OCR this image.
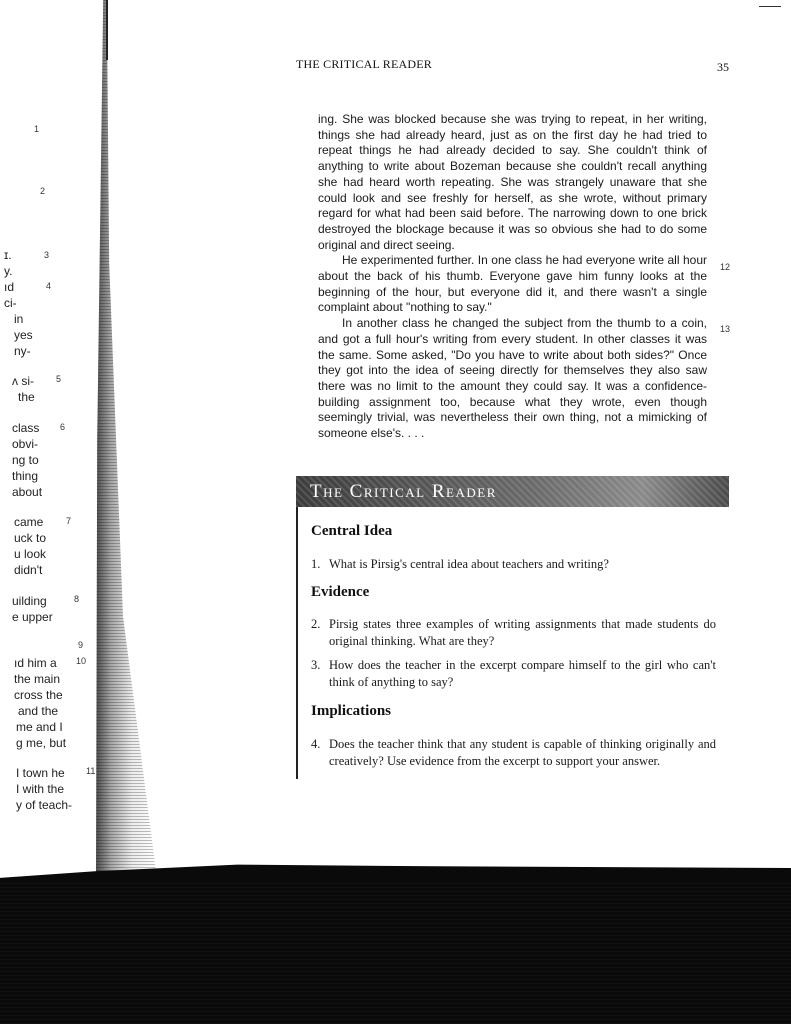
1
2
ɪ.	3
y.
ıd	4
ci-
in
yes
ny-
ʌ si- 5
the
class 6
obvi-
ng to
thing
about
came	7
uck to
u look
didn't
uilding	8
e upper
9
ıd him a 10
the main
cross the
and the
me and I
g me, but
I town he 11
I with the
y of teach-
THE CRITICAL READER	35

ing. She was blocked because she was trying to repeat, in her writing, things she had already heard, just as on the first day he had tried to repeat things he had already decided to say. She couldn't think of anything to write about Bozeman because she couldn't recall anything she had heard worth repeating. She was strangely unaware that she could look and see freshly for herself, as she wrote, without primary regard for what had been said before. The narrowing down to one brick destroyed the blockage because it was so obvious she had to do some original and direct seeing.

He experimented further. In one class he had everyone write all hour about the back of his thumb. Everyone gave him funny looks at the beginning of the hour, but everyone did it, and there wasn't a single complaint about "nothing to say."

In another class he changed the subject from the thumb to a coin, and got a full hour's writing from every student. In other classes it was the same. Some asked, "Do you have to write about both sides?" Once they got into the idea of seeing directly for themselves they also saw there was no limit to the amount they could say. It was a confidence-building assignment too, because what they wrote, even though seemingly trivial, was nevertheless their own thing, not a mimicking of someone else's. . . .

12
13
The Critical Reader
Central Idea
1. What is Pirsig's central idea about teachers and writing?
Evidence
2. Pirsig states three examples of writing assignments that made students do original thinking. What are they?
3. How does the teacher in the excerpt compare himself to the girl who can't think of anything to say?
Implications
4. Does the teacher think that any student is capable of thinking originally and creatively? Use evidence from the excerpt to support your answer.
